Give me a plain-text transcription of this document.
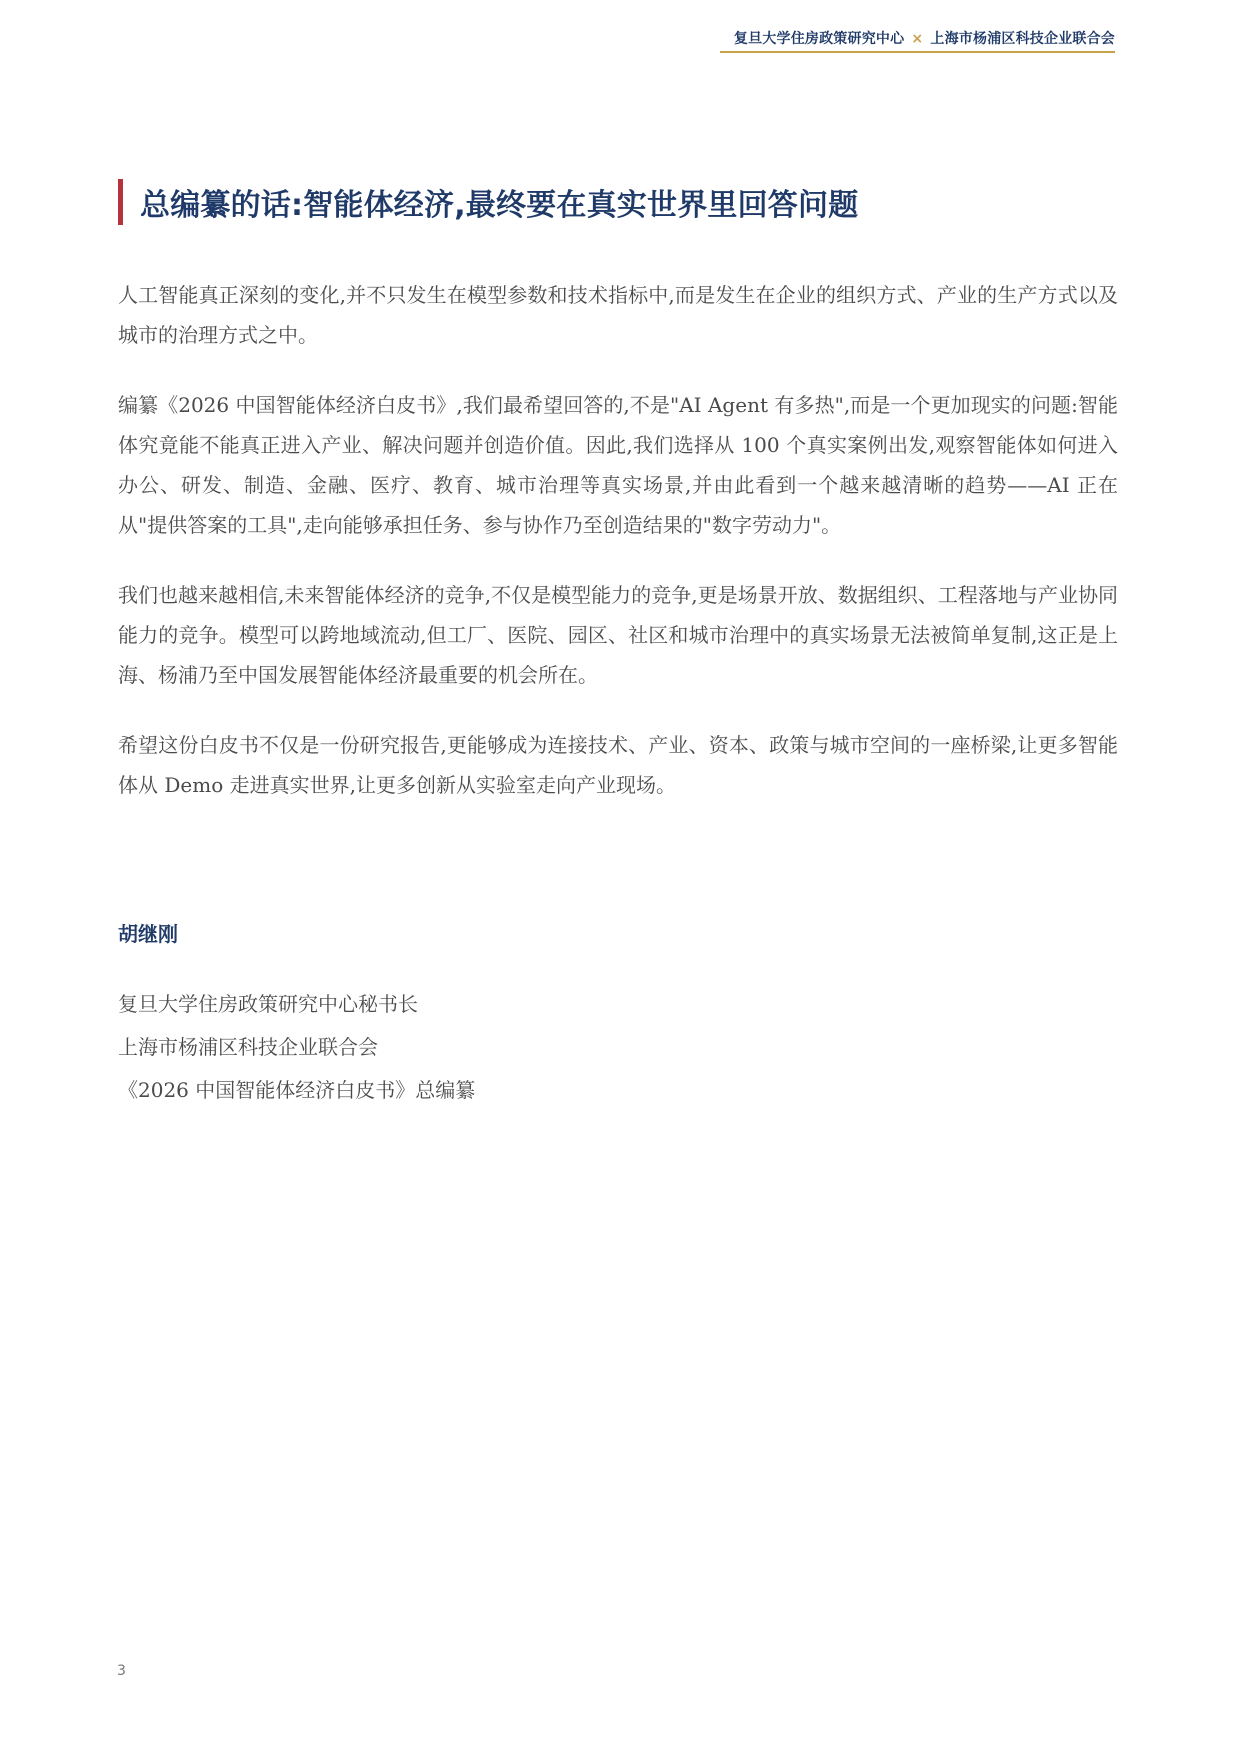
复旦大学住房政策研究中心 × 上海市杨浦区科技企业联合会
总编纂的话:智能体经济,最终要在真实世界里回答问题

人工智能真正深刻的变化,并不只发生在模型参数和技术指标中,而是发生在企业的组织方式、产业的生产方式以及城市的治理方式之中。

编纂《2026 中国智能体经济白皮书》,我们最希望回答的,不是"AI Agent 有多热",而是一个更加现实的问题:智能体究竟能不能真正进入产业、解决问题并创造价值。因此,我们选择从 100 个真实案例出发,观察智能体如何进入办公、研发、制造、金融、医疗、教育、城市治理等真实场景,并由此看到一个越来越清晰的趋势——AI 正在从"提供答案的工具",走向能够承担任务、参与协作乃至创造结果的"数字劳动力"。

我们也越来越相信,未来智能体经济的竞争,不仅是模型能力的竞争,更是场景开放、数据组织、工程落地与产业协同能力的竞争。模型可以跨地域流动,但工厂、医院、园区、社区和城市治理中的真实场景无法被简单复制,这正是上海、杨浦乃至中国发展智能体经济最重要的机会所在。

希望这份白皮书不仅是一份研究报告,更能够成为连接技术、产业、资本、政策与城市空间的一座桥梁,让更多智能体从 Demo 走进真实世界,让更多创新从实验室走向产业现场。

胡继刚
复旦大学住房政策研究中心秘书长
上海市杨浦区科技企业联合会
《2026 中国智能体经济白皮书》总编纂
3
